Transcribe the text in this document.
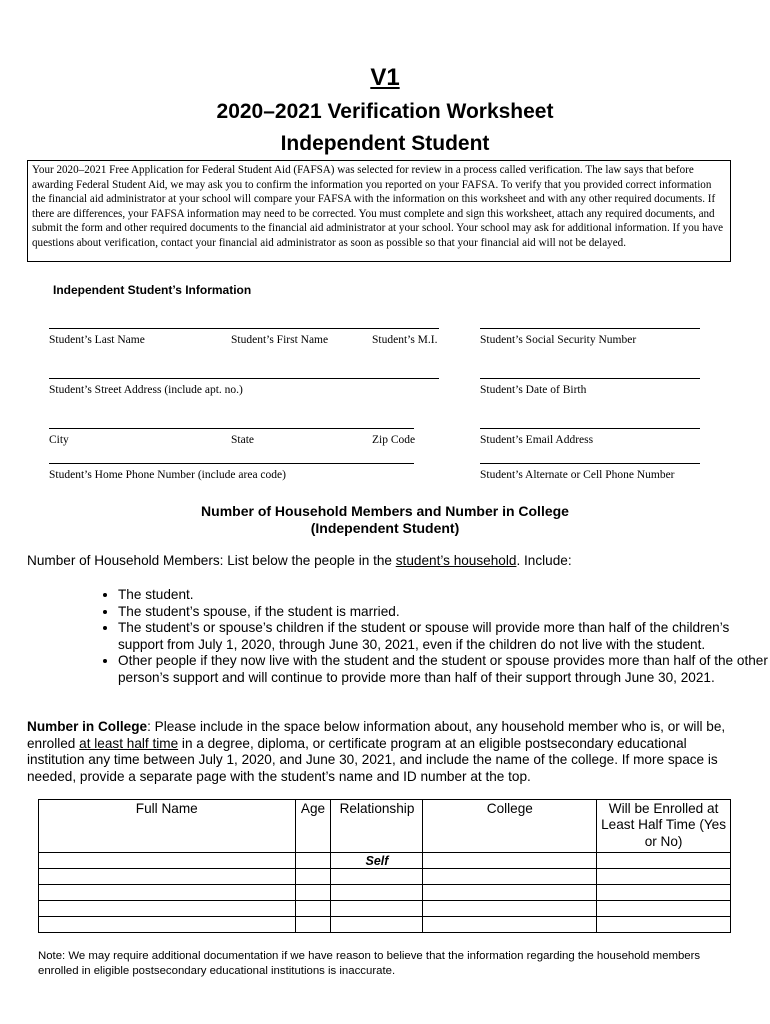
V1
2020–2021 Verification Worksheet
Independent Student
Your 2020–2021 Free Application for Federal Student Aid (FAFSA) was selected for review in a process called verification. The law says that before awarding Federal Student Aid, we may ask you to confirm the information you reported on your FAFSA. To verify that you provided correct information the financial aid administrator at your school will compare your FAFSA with the information on this worksheet and with any other required documents. If there are differences, your FAFSA information may need to be corrected. You must complete and sign this worksheet, attach any required documents, and submit the form and other required documents to the financial aid administrator at your school. Your school may ask for additional information. If you have questions about verification, contact your financial aid administrator as soon as possible so that your financial aid will not be delayed.
Independent Student’s Information
Student’s Last Name	Student’s First Name	Student’s M.I.	Student’s Social Security Number
Student’s Street Address (include apt. no.)	Student’s Date of Birth
City	State	Zip Code	Student’s Email Address
Student’s Home Phone Number (include area code)	Student’s Alternate or Cell Phone Number
Number of Household Members and Number in College
(Independent Student)
Number of Household Members: List below the people in the student’s household. Include:
• The student.
• The student’s spouse, if the student is married.
• The student’s or spouse’s children if the student or spouse will provide more than half of the children’s support from July 1, 2020, through June 30, 2021, even if the children do not live with the student.
• Other people if they now live with the student and the student or spouse provides more than half of the other person’s support and will continue to provide more than half of their support through June 30, 2021.
Number in College: Please include in the space below information about, any household member who is, or will be, enrolled at least half time in a degree, diploma, or certificate program at an eligible postsecondary educational institution any time between July 1, 2020, and June 30, 2021, and include the name of the college. If more space is needed, provide a separate page with the student’s name and ID number at the top.
Full Name	Age	Relationship	College	Will be Enrolled at Least Half Time (Yes or No)
		Self		

Note: We may require additional documentation if we have reason to believe that the information regarding the household members enrolled in eligible postsecondary educational institutions is inaccurate.
